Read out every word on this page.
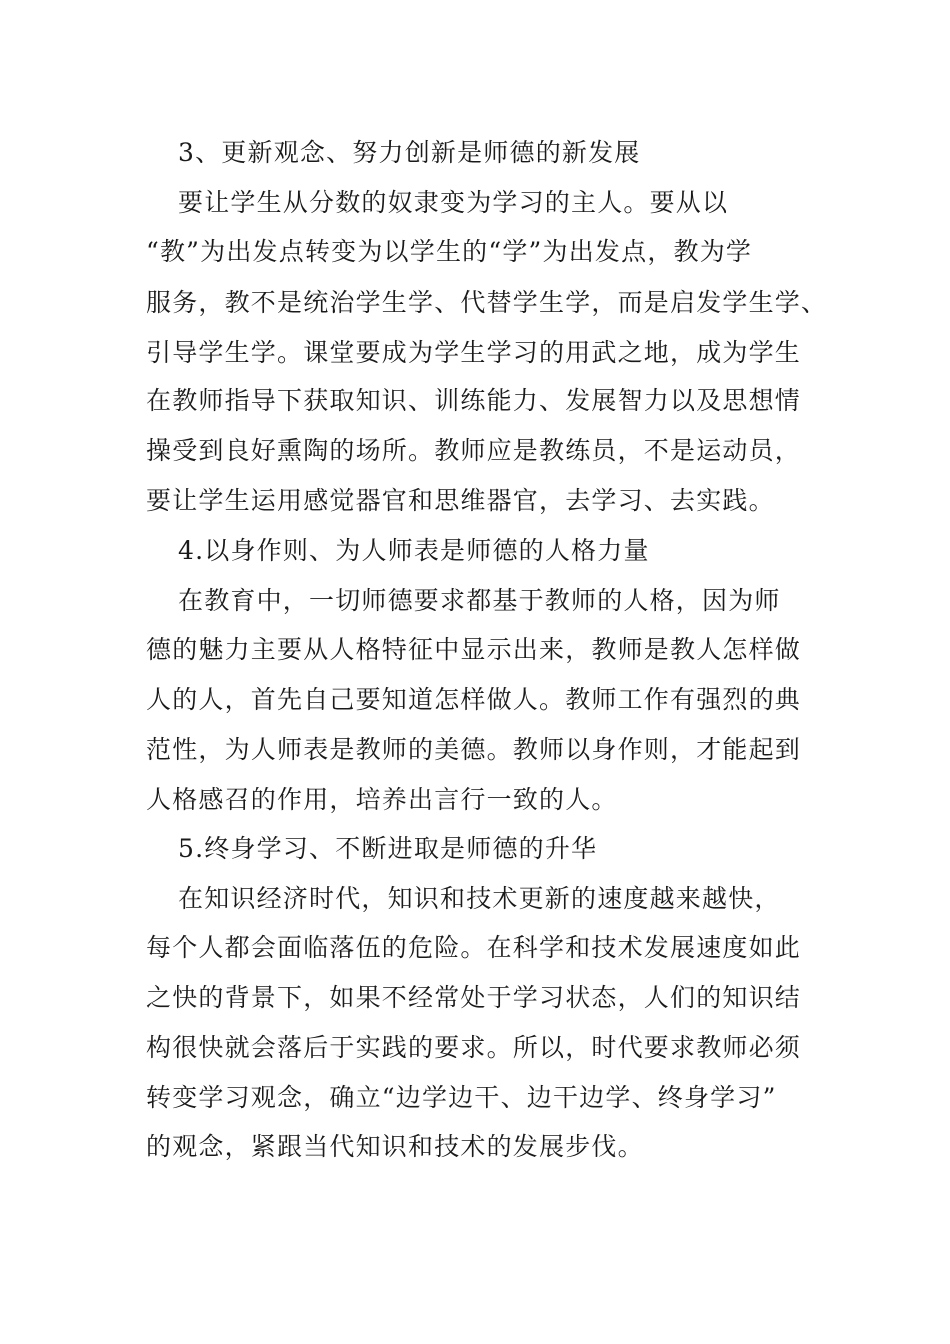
3、更新观念、努力创新是师德的新发展
要让学生从分数的奴隶变为学习的主人。要从以
“教”为出发点转变为以学生的“学”为出发点，教为学
服务，教不是统治学生学、代替学生学，而是启发学生学、
引导学生学。课堂要成为学生学习的用武之地，成为学生
在教师指导下获取知识、训练能力、发展智力以及思想情
操受到良好熏陶的场所。教师应是教练员，不是运动员，
要让学生运用感觉器官和思维器官，去学习、去实践。
4.以身作则、为人师表是师德的人格力量
在教育中，一切师德要求都基于教师的人格，因为师
德的魅力主要从人格特征中显示出来，教师是教人怎样做
人的人，首先自己要知道怎样做人。教师工作有强烈的典
范性，为人师表是教师的美德。教师以身作则，才能起到
人格感召的作用，培养出言行一致的人。
5.终身学习、不断进取是师德的升华
在知识经济时代，知识和技术更新的速度越来越快，
每个人都会面临落伍的危险。在科学和技术发展速度如此
之快的背景下，如果不经常处于学习状态，人们的知识结
构很快就会落后于实践的要求。所以，时代要求教师必须
转变学习观念，确立“边学边干、边干边学、终身学习”
的观念，紧跟当代知识和技术的发展步伐。
